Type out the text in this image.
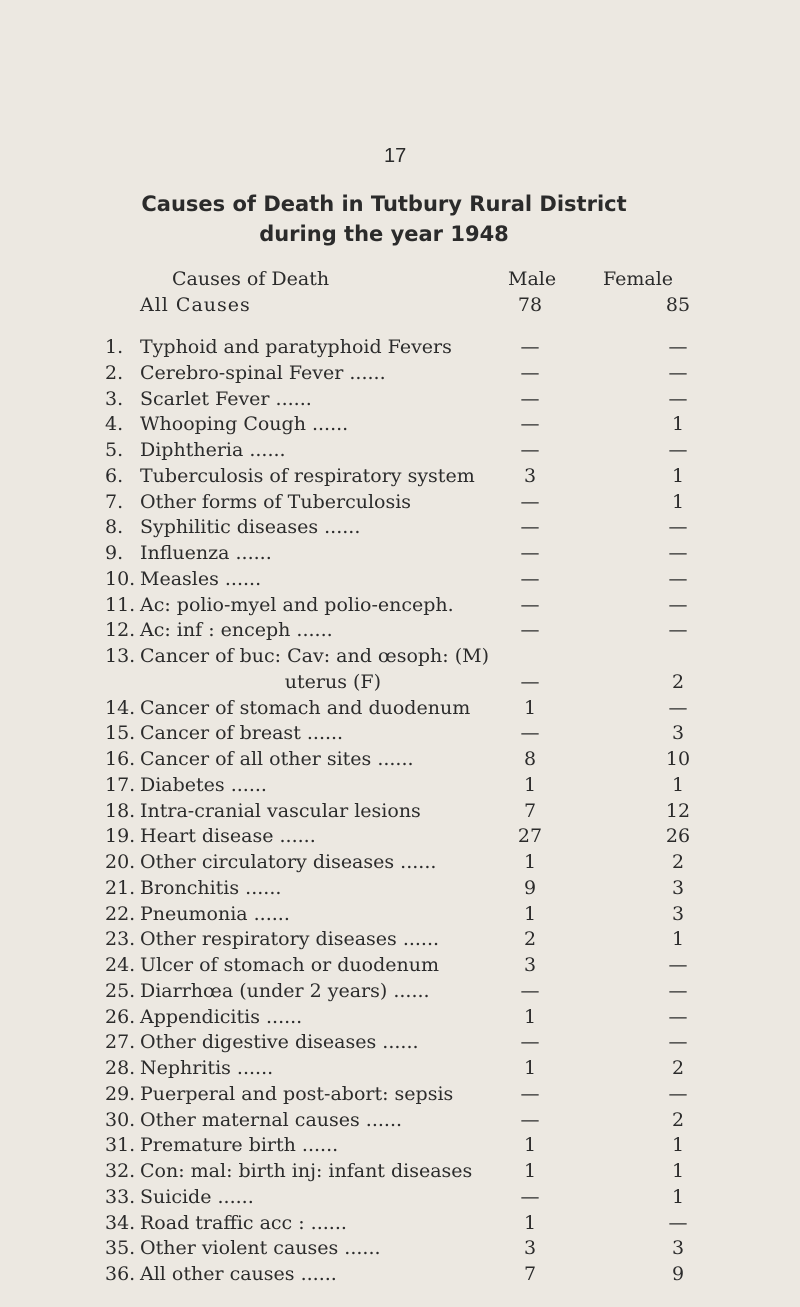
17
Causes of Death in Tutbury Rural District
during the year 1948
Causes of Death	Male Female
All Causes	78	85
1. Typhoid and paratyphoid Fevers	—	—
2. Cerebro-spinal Fever ......	—	—
3. Scarlet Fever ......	—	—
4. Whooping Cough ......	—	1
5. Diphtheria ......	—	—
6. Tuberculosis of respiratory system	3	1
7. Other forms of Tuberculosis	—	1
8. Syphilitic diseases ......	—	—
9. Influenza ......	—	—
10. Measles ......	—	—
11. Ac: polio-myel and polio-enceph.	—	—
12. Ac: inf : enceph ......	—	—
13. Cancer of buc: Cav: and œsoph: (M)
uterus (F)	—	2
14. Cancer of stomach and duodenum	1	—
15. Cancer of breast ......	—	3
16. Cancer of all other sites ......	8	10
17. Diabetes ......	1	1
18. Intra-cranial vascular lesions	7	12
19. Heart disease ......	27	26
20. Other circulatory diseases ......	1	2
21. Bronchitis ......	9	3
22. Pneumonia ......	1	3
23. Other respiratory diseases ......	2	1
24. Ulcer of stomach or duodenum	3	—
25. Diarrhœa (under 2 years) ......	—	—
26. Appendicitis ......	1	—
27. Other digestive diseases ......	—	—
28. Nephritis ......	1	2
29. Puerperal and post-abort: sepsis	—	—
30. Other maternal causes ......	—	2
31. Premature birth ......	1	1
32. Con: mal: birth inj: infant diseases	1	1
33. Suicide ......	—	1
34. Road traffic acc : ......	1	—
35. Other violent causes ......	3	3
36. All other causes ......	7	9
